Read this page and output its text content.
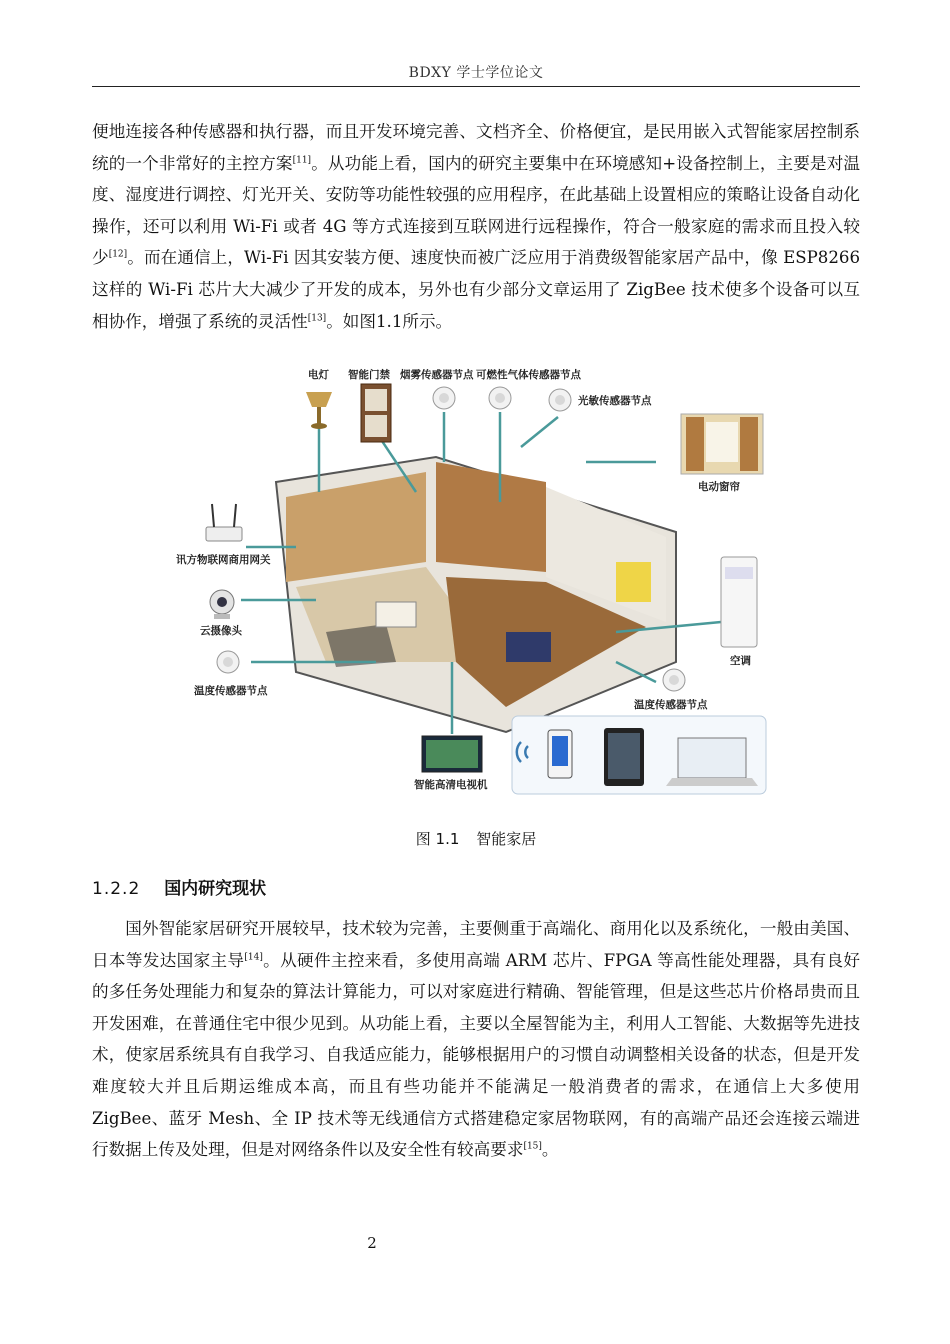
BDXY 学士学位论文
便地连接各种传感器和执行器，而且开发环境完善、文档齐全、价格便宜，是民用嵌入式智能家居控制系统的一个非常好的主控方案[11]。从功能上看，国内的研究主要集中在环境感知+设备控制上，主要是对温度、湿度进行调控、灯光开关、安防等功能性较强的应用程序，在此基础上设置相应的策略让设备自动化操作，还可以利用 Wi-Fi 或者 4G 等方式连接到互联网进行远程操作，符合一般家庭的需求而且投入较少[12]。而在通信上，Wi-Fi 因其安装方便、速度快而被广泛应用于消费级智能家居产品中，像 ESP8266 这样的 Wi-Fi 芯片大大减少了开发的成本，另外也有少部分文章运用了 ZigBee 技术使多个设备可以互相协作，增强了系统的灵活性[13]。如图1.1所示。
电灯 智能门禁 烟雾传感器节点 可燃性气体传感器节点
光敏传感器节点
电动窗帘
讯方物联网商用网关
云摄像头
温度传感器节点
空调
温度传感器节点
智能高清电视机
图 1.1 智能家居
1.2.2 国内研究现状
国外智能家居研究开展较早，技术较为完善，主要侧重于高端化、商用化以及系统化，一般由美国、日本等发达国家主导[14]。从硬件主控来看，多使用高端 ARM 芯片、FPGA 等高性能处理器，具有良好的多任务处理能力和复杂的算法计算能力，可以对家庭进行精确、智能管理，但是这些芯片价格昂贵而且开发困难，在普通住宅中很少见到。从功能上看，主要以全屋智能为主，利用人工智能、大数据等先进技术，使家居系统具有自我学习、自我适应能力，能够根据用户的习惯自动调整相关设备的状态，但是开发难度较大并且后期运维成本高，而且有些功能并不能满足一般消费者的需求，在通信上大多使用 ZigBee、蓝牙 Mesh、全 IP 技术等无线通信方式搭建稳定家居物联网，有的高端产品还会连接云端进行数据上传及处理，但是对网络条件以及安全性有较高要求[15]。
2
